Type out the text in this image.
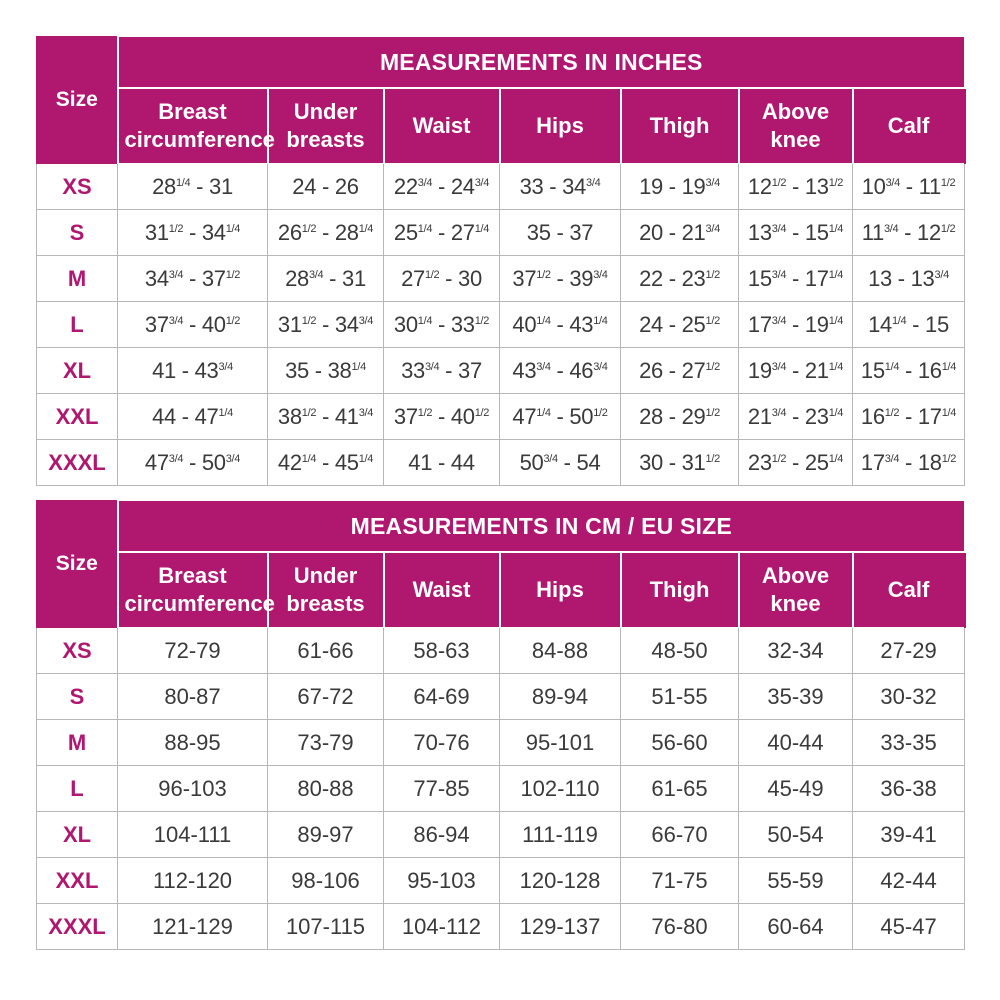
Size	MEASUREMENTS IN INCHES						
	Breast circumference	Under breasts	Waist	Hips	Thigh	Above knee	Calf
XS	$28^{1/4} - 31$	24 - 26	$22^{3/4} - 24^{3/4}$	$33 - 34^{3/4}$	$19 - 19^{3/4}$	$12^{1/2} - 13^{1/2}$	$10^{3/4} - 11^{1/2}$
S	$31^{1/2} - 34^{1/4}$	$26^{1/2} - 28^{1/4}$	$25^{1/4} - 27^{1/4}$	35 - 37	$20 - 21^{3/4}$	$13^{3/4} - 15^{1/4}$	$11^{3/4} - 12^{1/2}$
M	$34^{3/4} - 37^{1/2}$	$28^{3/4} - 31$	$27^{1/2} - 30$	$37^{1/2} - 39^{3/4}$	$22 - 23^{1/2}$	$15^{3/4} - 17^{1/4}$	$13 - 13^{3/4}$
L	$37^{3/4} - 40^{1/2}$	$31^{1/2} - 34^{3/4}$	$30^{1/4} - 33^{1/2}$	$40^{1/4} - 43^{1/4}$	$24 - 25^{1/2}$	$17^{3/4} - 19^{1/4}$	$14^{1/4} - 15$
XL	$41 - 43^{3/4}$	$35 - 38^{1/4}$	$33^{3/4} - 37$	$43^{3/4} - 46^{3/4}$	$26 - 27^{1/2}$	$19^{3/4} - 21^{1/4}$	$15^{1/4} - 16^{1/4}$
XXL	$44 - 47^{1/4}$	$38^{1/2} - 41^{3/4}$	$37^{1/2} - 40^{1/2}$	$47^{1/4} - 50^{1/2}$	$28 - 29^{1/2}$	$21^{3/4} - 23^{1/4}$	$16^{1/2} - 17^{1/4}$
XXXL	$47^{3/4} - 50^{3/4}$	$42^{1/4} - 45^{1/4}$	41 - 44	$50^{3/4} - 54$	$30 - 31^{1/2}$	$23^{1/2} - 25^{1/4}$	$17^{3/4} - 18^{1/2}$
Size	MEASUREMENTS IN CM / EU SIZE						
	Breast circumference	Under breasts	Waist	Hips	Thigh	Above knee	Calf
XS	72-79	61-66	58-63	84-88	48-50	32-34	27-29
S	80-87	67-72	64-69	89-94	51-55	35-39	30-32
M	88-95	73-79	70-76	95-101	56-60	40-44	33-35
L	96-103	80-88	77-85	102-110	61-65	45-49	36-38
XL	104-111	89-97	86-94	111-119	66-70	50-54	39-41
XXL	112-120	98-106	95-103	120-128	71-75	55-59	42-44
XXXL	121-129	107-115	104-112	129-137	76-80	60-64	45-47
